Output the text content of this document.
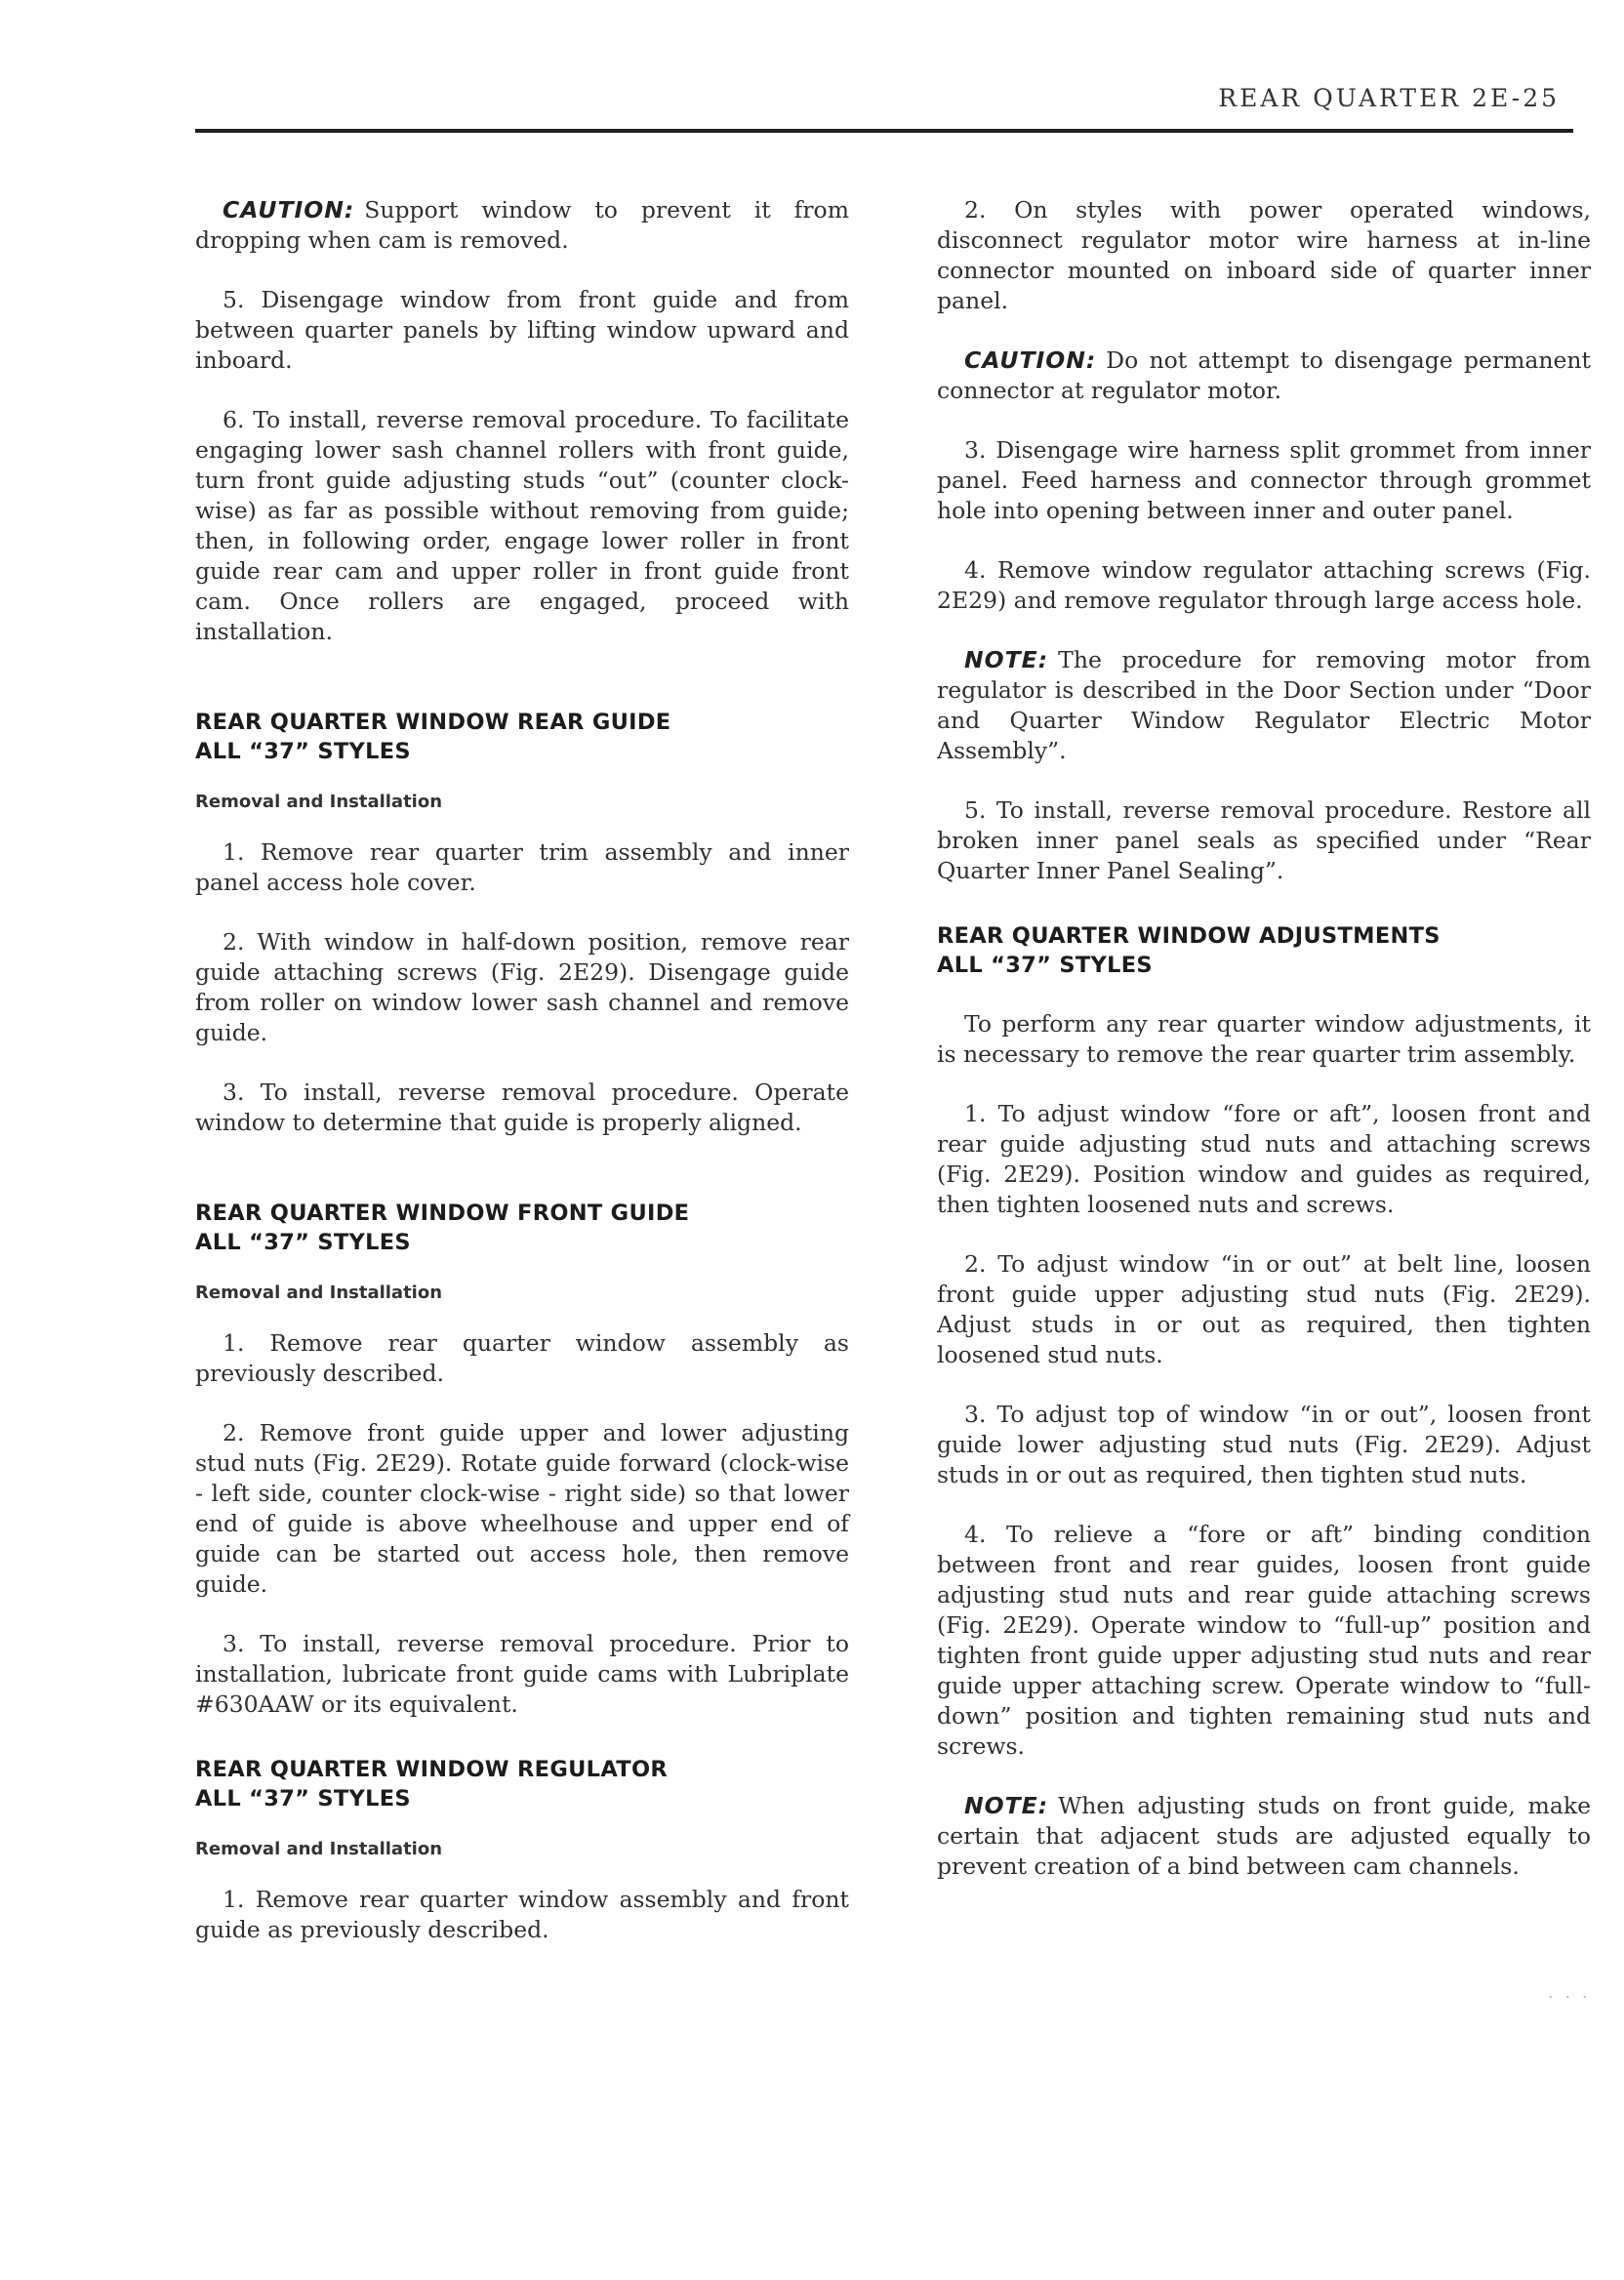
REAR QUARTER 2E-25

CAUTION: Support window to prevent it from dropping when cam is removed.

5. Disengage window from front guide and from between quarter panels by lifting window upward and inboard.

6. To install, reverse removal procedure. To facilitate engaging lower sash channel rollers with front guide, turn front guide adjusting studs “out” (counter clock-wise) as far as possible without removing from guide; then, in following order, engage lower roller in front guide rear cam and upper roller in front guide front cam. Once rollers are engaged, proceed with installation.

REAR QUARTER WINDOW REAR GUIDE
ALL “37” STYLES
Removal and Installation

1. Remove rear quarter trim assembly and inner panel access hole cover.

2. With window in half-down position, remove rear guide attaching screws (Fig. 2E29). Disengage guide from roller on window lower sash channel and remove guide.

3. To install, reverse removal procedure. Operate window to determine that guide is properly aligned.

REAR QUARTER WINDOW FRONT GUIDE
ALL “37” STYLES
Removal and Installation

1. Remove rear quarter window assembly as previously described.

2. Remove front guide upper and lower adjusting stud nuts (Fig. 2E29). Rotate guide forward (clock-wise - left side, counter clock-wise - right side) so that lower end of guide is above wheelhouse and upper end of guide can be started out access hole, then remove guide.

3. To install, reverse removal procedure. Prior to installation, lubricate front guide cams with Lubriplate #630AAW or its equivalent.

REAR QUARTER WINDOW REGULATOR
ALL “37” STYLES
Removal and Installation

1. Remove rear quarter window assembly and front guide as previously described.

2. On styles with power operated windows, disconnect regulator motor wire harness at in-line connector mounted on inboard side of quarter inner panel.

CAUTION: Do not attempt to disengage permanent connector at regulator motor.

3. Disengage wire harness split grommet from inner panel. Feed harness and connector through grommet hole into opening between inner and outer panel.

4. Remove window regulator attaching screws (Fig. 2E29) and remove regulator through large access hole.

NOTE: The procedure for removing motor from regulator is described in the Door Section under “Door and Quarter Window Regulator Electric Motor Assembly”.

5. To install, reverse removal procedure. Restore all broken inner panel seals as specified under “Rear Quarter Inner Panel Sealing”.

REAR QUARTER WINDOW ADJUSTMENTS
ALL “37” STYLES

To perform any rear quarter window adjustments, it is necessary to remove the rear quarter trim assembly.

1. To adjust window “fore or aft”, loosen front and rear guide adjusting stud nuts and attaching screws (Fig. 2E29). Position window and guides as required, then tighten loosened nuts and screws.

2. To adjust window “in or out” at belt line, loosen front guide upper adjusting stud nuts (Fig. 2E29). Adjust studs in or out as required, then tighten loosened stud nuts.

3. To adjust top of window “in or out”, loosen front guide lower adjusting stud nuts (Fig. 2E29). Adjust studs in or out as required, then tighten stud nuts.

4. To relieve a “fore or aft” binding condition between front and rear guides, loosen front guide adjusting stud nuts and rear guide attaching screws (Fig. 2E29). Operate window to “full-up” position and tighten front guide upper adjusting stud nuts and rear guide upper attaching screw. Operate window to “full-down” position and tighten remaining stud nuts and screws.

NOTE: When adjusting studs on front guide, make certain that adjacent studs are adjusted equally to prevent creation of a bind between cam channels.

· · ·
